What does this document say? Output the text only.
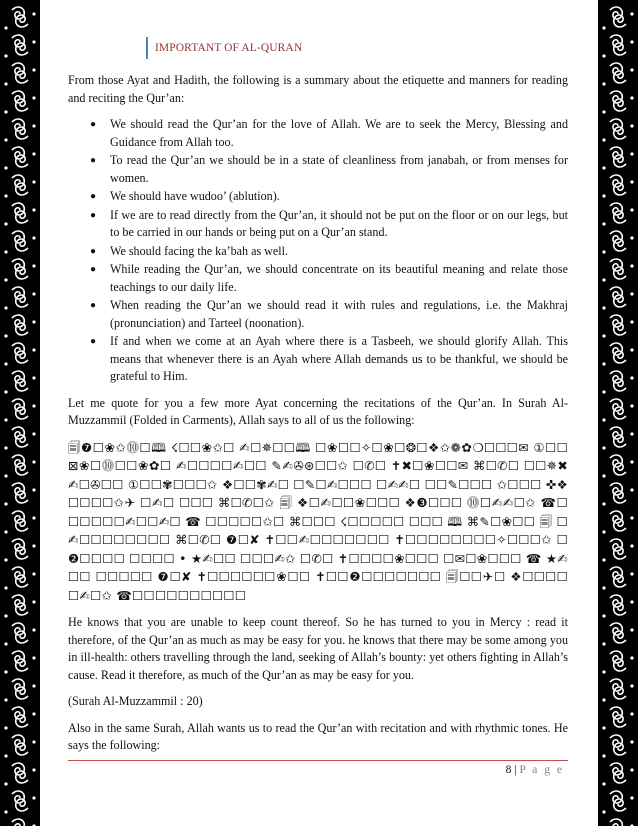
IMPORTANT OF AL-QURAN

From those Ayat and Hadith, the following is a summary about the etiquette and manners for reading and reciting the Qur’an:

● We should read the Qur’an for the love of Allah. We are to seek the Mercy, Blessing and Guidance from Allah too.
● To read the Qur’an we should be in a state of cleanliness from janabah, or from menses for women.
● We should have wudoo’ (ablution).
● If we are to read directly from the Qur’an, it should not be put on the floor or on our legs, but to be carried in our hands or being put on a Qur’an stand.
● We should facing the ka’bah as well.
● While reading the Qur’an, we should concentrate on its beautiful meaning and relate those teachings to our daily life.
● When reading the Qur’an we should read it with rules and regulations, i.e. the Makhraj (pronunciation) and Tarteel (noonation).
● If and when we come at an Ayah where there is a Tasbeeh, we should glorify Allah. This means that whenever there is an Ayah where Allah demands us to be thankful, we should be grateful to Him.

Let me quote for you a few more Ayat concerning the recitations of the Qur’an. In Surah Al-Muzzammil (Folded in Carments), Allah says to all of us the following:

🗐❼☐❀✩⓾☐🕮 ☇☐☐❀✩☐ ✍☐✵☐☐🕮 ☐❀☐☐✧☐❀☐❂☐❖✩❁✿❍☐☐☐✉ ①☐☐⊠❀☐⓾☐☐❀✿☐ ✍☐☐☐☐✍☐☐ ✎✍✇⊛☐☐✩ ☐✆☐ ✝✖☐❀☐☐✉ ⌘☐✆☐ ☐☐✵✖✍☐✇☐☐ ①☐☐✾☐☐☐✩ ❖☐☐✾✍☐ ☐✎☐✍☐☐☐ ☐✍✍☐ ☐☐✎☐☐☐ ✩☐☐☐ ✜❖☐☐☐☐✩✈ ☐✍☐ ☐☐☐ ⌘☐✆☐✩ 🗐 ❖☐✍☐☐❀☐☐☐ ❖❸☐☐☐ ⓾☐✍✍☐✩ ☎☐☐☐☐☐☐✍☐☐✍☐ ☎ ☐☐☐☐☐✩☐ ⌘☐☐☐ ☇☐☐☐☐☐ ☐☐☐ 🕮 ⌘✎☐❀☐☐ 🗐 ☐✍☐☐☐☐☐☐☐☐ ⌘☐✆☐ ❼☐✘ ✝☐☐✍☐☐☐☐☐☐☐ ✝☐☐☐☐☐☐☐☐✧☐☐☐✩ ☐❷☐☐☐☐ ☐☐☐☐ • ★✍☐☐ ☐☐☐✍✩ ☐✆☐ ✝☐☐☐☐❀☐☐☐ ☐✉☐❀☐☐☐ ☎ ★✍☐☐ ☐☐☐☐☐ ❼☐✘ ✝☐☐☐☐☐☐❀☐☐ ✝☐☐❷☐☐☐☐☐☐☐ 🗐☐☐✈☐ ❖☐☐☐☐☐✍☐✩ ☎☐☐☐☐☐☐☐☐☐☐

He knows that you are unable to keep count thereof. So he has turned to you in Mercy : read it therefore, of the Qur’an as much as may be easy for you. he knows that there may be some among you in ill-health: others travelling through the land, seeking of Allah’s bounty: yet others fighting in Allah’s cause. Read it therefore, as much of the Qur’an as may be easy for you.

(Surah Al-Muzzammil : 20)

Also in the same Surah, Allah wants us to read the Qur’an with recitation and with rhythmic tones. He says the following:

8 | P a g e
